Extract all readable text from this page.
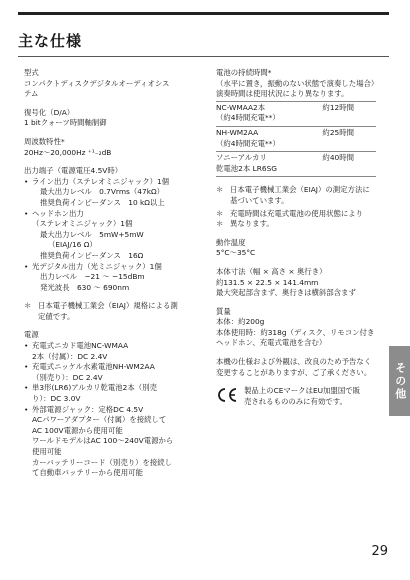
主な仕様
型式

コンパクトディスクデジタルオーディオシス

テム

復号化（D/A）

1 bitクォーツ時間軸制御

周波数特性*

20Hz〜20,000Hz ⁺¹₋₂dB

出力端子（電源電圧4.5V時）

• ライン出力（ステレオミニジャック）1個

最大出力レベル　0.7Vrms（47kΩ）

推奨負荷インピーダンス　10 kΩ以上

• ヘッドホン出力

（ステレオミニジャック）1個

最大出力レベル　5mW+5mW

（EIAJ/16 Ω）

推奨負荷インピーダンス　16Ω

• 光デジタル出力（光ミニジャック）1個

出力レベル　−21 〜 −15dBm

発光波長　630 〜 690nm

＊ 日本電子機械工業会（EIAJ）規格による測

定値です。

電源

• 充電式ニカド電池NC-WMAA

2本（付属）：DC 2.4V

• 充電式ニッケル水素電池NH-WM2AA

（別売り）：DC 2.4V

• 単3形(LR6)アルカリ乾電池2本（別売

り）：DC 3.0V

• 外部電源ジャック：定格DC 4.5V

ACパワーアダプター（付属）を接続して

AC 100V電源から使用可能

ワールドモデルはAC 100〜240V電源から

使用可能

カーバッテリーコード（別売り）を接続し

て自動車バッテリーから使用可能

電池の持続時間*

（水平に置き，振動のない状態で演奏した場合）

演奏時間は使用状況により異なります。

NC-WMAA2本	約12時間

（約4時間充電**）

NH-WM2AA	約25時間

（約4時間充電**）

ソニーアルカリ	約40時間

乾電池2本 LR6SG

＊ 日本電子機械工業会（EIAJ）の測定方法に

基づいています。

＊＊

充電時間は充電式電池の使用状態により

異なります。

動作温度

5°C〜35°C

本体寸法（幅 × 高さ × 奥行き）

約131.5 × 22.5 × 141.4mm

最大突起部含まず、奥行きは横斜部含まず

質量

本体：約200g

本体使用時：約318g（ディスク、リモコン付き

ヘッドホン、充電式電池を含む）

本機の仕様および外観は、改良のため予告なく

変更することがありますが、ご了承ください。

製品上のCEマークはEU加盟国で販

売されるもののみに有効です。

その他
29
